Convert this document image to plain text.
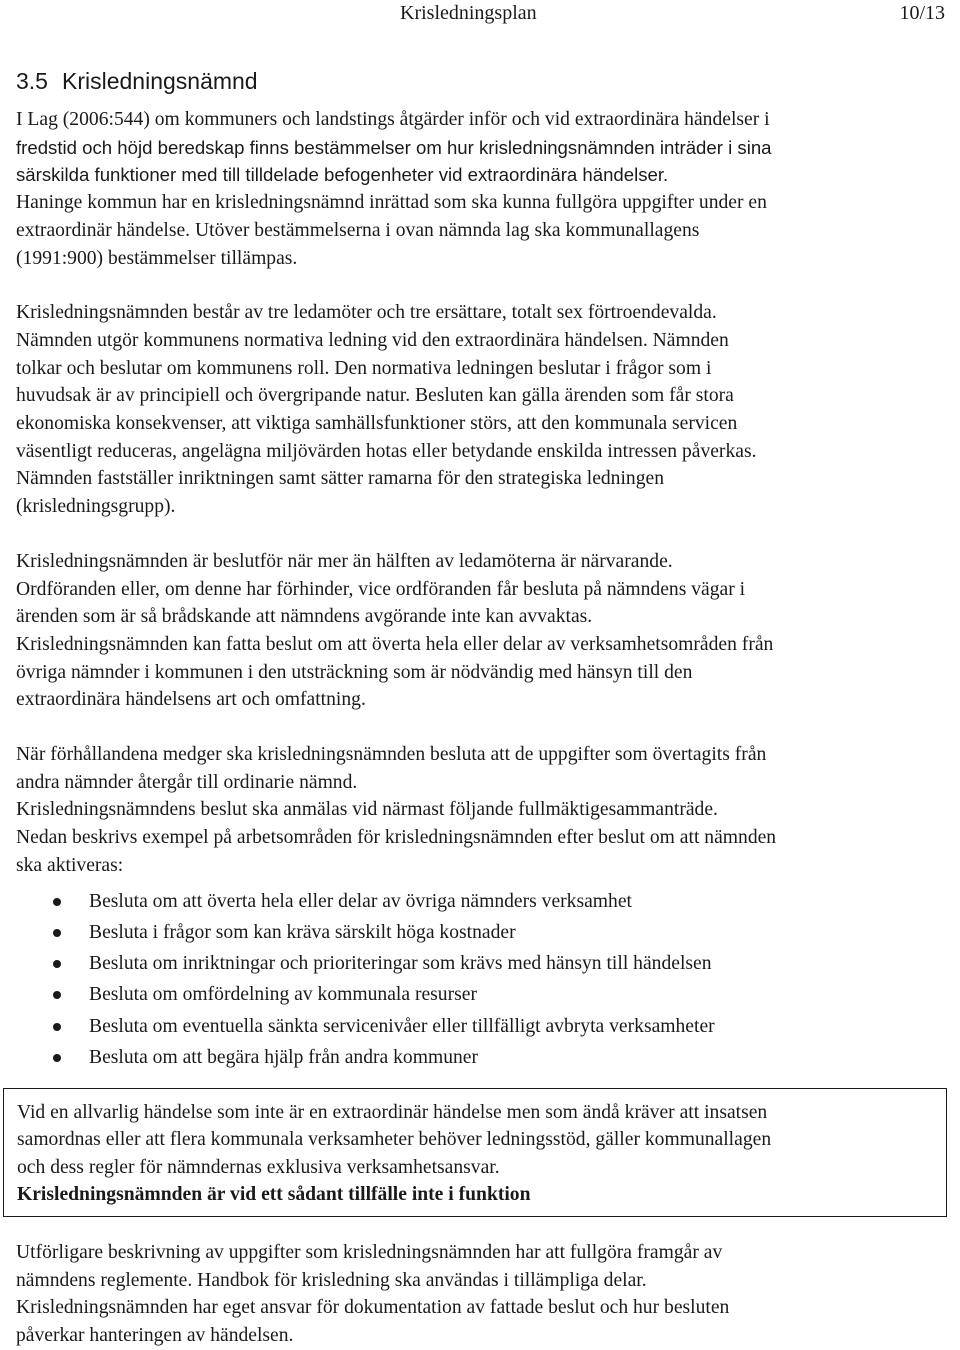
Krisledningsplan	10/13
3.5 Krisledningsnämnd

I Lag (2006:544) om kommuners och landstings åtgärder inför och vid extraordinära händelser i

fredstid och höjd beredskap finns bestämmelser om hur krisledningsnämnden inträder i sina

särskilda funktioner med till tilldelade befogenheter vid extraordinära händelser.

Haninge kommun har en krisledningsnämnd inrättad som ska kunna fullgöra uppgifter under en

extraordinär händelse. Utöver bestämmelserna i ovan nämnda lag ska kommunallagens

(1991:900) bestämmelser tillämpas.

Krisledningsnämnden består av tre ledamöter och tre ersättare, totalt sex förtroendevalda.

Nämnden utgör kommunens normativa ledning vid den extraordinära händelsen. Nämnden

tolkar och beslutar om kommunens roll. Den normativa ledningen beslutar i frågor som i

huvudsak är av principiell och övergripande natur. Besluten kan gälla ärenden som får stora

ekonomiska konsekvenser, att viktiga samhällsfunktioner störs, att den kommunala servicen

väsentligt reduceras, angelägna miljövärden hotas eller betydande enskilda intressen påverkas.

Nämnden fastställer inriktningen samt sätter ramarna för den strategiska ledningen

(krisledningsgrupp).

Krisledningsnämnden är beslutför när mer än hälften av ledamöterna är närvarande.

Ordföranden eller, om denne har förhinder, vice ordföranden får besluta på nämndens vägar i

ärenden som är så brådskande att nämndens avgörande inte kan avvaktas.

Krisledningsnämnden kan fatta beslut om att överta hela eller delar av verksamhetsområden från

övriga nämnder i kommunen i den utsträckning som är nödvändig med hänsyn till den

extraordinära händelsens art och omfattning.

När förhållandena medger ska krisledningsnämnden besluta att de uppgifter som övertagits från

andra nämnder återgår till ordinarie nämnd.

Krisledningsnämndens beslut ska anmälas vid närmast följande fullmäktigesammanträde.

Nedan beskrivs exempel på arbetsområden för krisledningsnämnden efter beslut om att nämnden

ska aktiveras:

Besluta om att överta hela eller delar av övriga nämnders verksamhet
Besluta i frågor som kan kräva särskilt höga kostnader
Besluta om inriktningar och prioriteringar som krävs med hänsyn till händelsen
Besluta om omfördelning av kommunala resurser
Besluta om eventuella sänkta servicenivåer eller tillfälligt avbryta verksamheter
Besluta om att begära hjälp från andra kommuner

Vid en allvarlig händelse som inte är en extraordinär händelse men som ändå kräver att insatsen

samordnas eller att flera kommunala verksamheter behöver ledningsstöd, gäller kommunallagen

och dess regler för nämndernas exklusiva verksamhetsansvar.

Krisledningsnämnden är vid ett sådant tillfälle inte i funktion

Utförligare beskrivning av uppgifter som krisledningsnämnden har att fullgöra framgår av

nämndens reglemente. Handbok för krisledning ska användas i tillämpliga delar.

Krisledningsnämnden har eget ansvar för dokumentation av fattade beslut och hur besluten

påverkar hanteringen av händelsen.
